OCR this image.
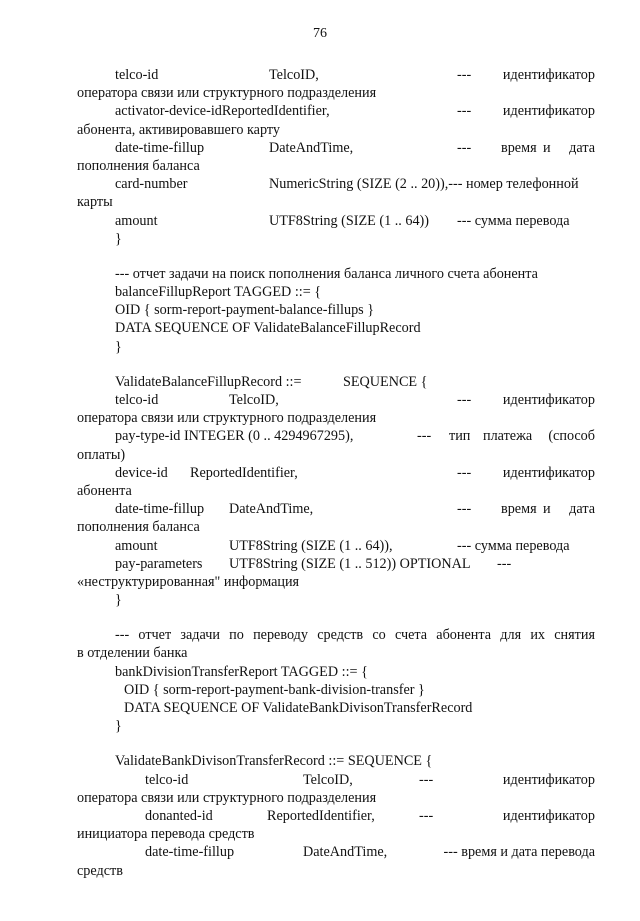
76
telco-id	TelcoID,	--- идентификатор
оператора связи или структурного подразделения
activator-device-idReportedIdentifier,	--- идентификатор
абонента, активировавшего карту
date-time-fillup	DateAndTime,	--- время и дата
пополнения баланса
card-number	NumericString (SIZE (2 .. 20)),--- номер телефонной
карты
amount	UTF8String (SIZE (1 .. 64)) --- сумма перевода
}
--- отчет задачи на поиск пополнения баланса личного счета абонента
balanceFillupReport TAGGED ::= {
OID { sorm-report-payment-balance-fillups }
DATA SEQUENCE OF ValidateBalanceFillupRecord
}
ValidateBalanceFillupRecord ::=	SEQUENCE {
telco-id	TelcoID,	--- идентификатор
оператора связи или структурного подразделения
pay-type-id INTEGER (0 .. 4294967295),	--- тип платежа (способ
оплаты)
device-id ReportedIdentifier,	--- идентификатор
абонента
date-time-fillup DateAndTime,	--- время и дата
пополнения баланса
amount	UTF8String (SIZE (1 .. 64)),	--- сумма перевода
pay-parameters UTF8String (SIZE (1 .. 512)) OPTIONAL ---
«неструктурированная" информация
}
--- отчет задачи по переводу средств со счета абонента для их снятия
в отделении банка
bankDivisionTransferReport TAGGED ::= {
OID { sorm-report-payment-bank-division-transfer }
DATA SEQUENCE OF ValidateBankDivisonTransferRecord
}
ValidateBankDivisonTransferRecord ::= SEQUENCE {
telco-id	TelcoID,	---	идентификатор
оператора связи или структурного подразделения
donanted-id	ReportedIdentifier,	---	идентификатор
инициатора перевода средств
date-time-fillup	DateAndTime,	--- время и дата перевода
средств
